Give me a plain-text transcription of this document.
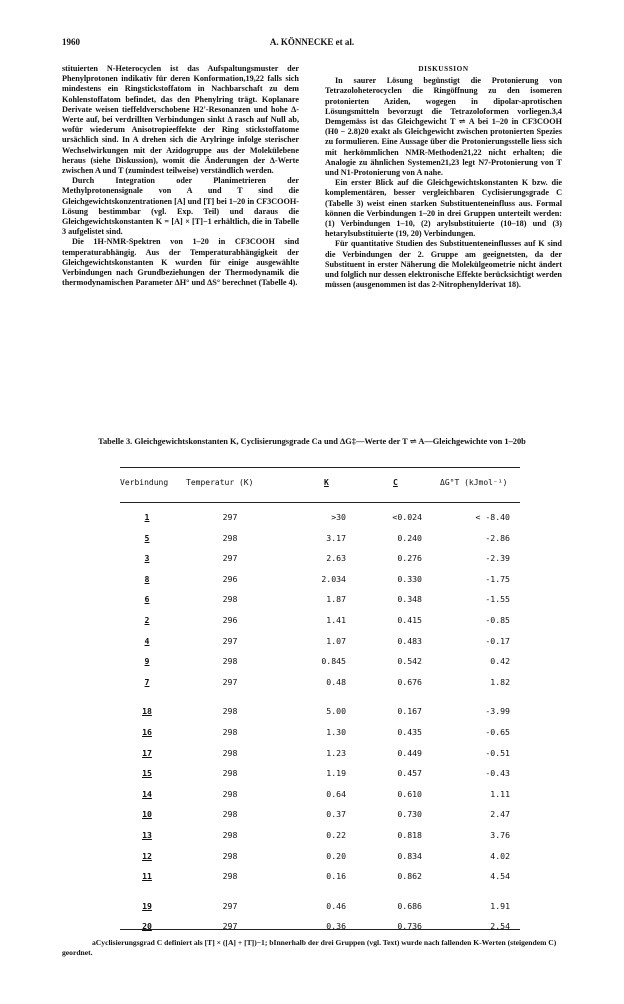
1960	A. KÖNNECKE et al.

stituierten N-Heterocyclen ist das Aufspaltungsmuster der Phenylprotonen indikativ für deren Konformation,19,22 falls sich mindestens ein Ringstickstoffatom in Nachbarschaft zu dem Kohlenstoffatom befindet, das den Phenylring trägt. Koplanare Derivate weisen tieffeldverschobene H2'-Resonanzen und hohe Δ-Werte auf, bei verdrillten Verbindungen sinkt Δ rasch auf Null ab, wofür wiederum Anisotropieeffekte der Ring stickstoffatome ursächlich sind. In A drehen sich die Arylringe infolge sterischer Wechselwirkungen mit der Azidogruppe aus der Molekülebene heraus (siehe Diskussion), womit die Änderungen der Δ-Werte zwischen A und T (zumindest teilweise) verständlich werden.

Durch Integration oder Planimetrieren der Methylprotonensignale von A und T sind die Gleichgewichtskonzentrationen [A] und [T] bei 1–20 in CF3COOH-Lösung bestimmbar (vgl. Exp. Teil) und daraus die Gleichgewichtskonstanten K = [A] × [T]−1 erhältlich, die in Tabelle 3 aufgelistet sind.

Die 1H-NMR-Spektren von 1–20 in CF3COOH sind temperaturabhängig. Aus der Temperaturabhängigkeit der Gleichgewichtskonstanten K wurden für einige ausgewählte Verbindungen nach Grundbeziehungen der Thermodynamik die thermodynamischen Parameter ΔH° und ΔS° berechnet (Tabelle 4).

DISKUSSION

In saurer Lösung begünstigt die Protonierung von Tetrazoloheterocyclen die Ringöffnung zu den isomeren protonierten Aziden, wogegen in dipolar-aprotischen Lösungsmitteln bevorzugt die Tetrazoloformen vorliegen.3,4 Demgemäss ist das Gleichgewicht T ⇌ A bei 1–20 in CF3COOH (H0 − 2.8)20 exakt als Gleichgewicht zwischen protonierten Spezies zu formulieren. Eine Aussage über die Protonierungsstelle liess sich mit herkömmlichen NMR-Methoden21,22 nicht erhalten; die Analogie zu ähnlichen Systemen21,23 legt N7-Protonierung von T und N1-Protonierung von A nahe.

Ein erster Blick auf die Gleichgewichtskonstanten K bzw. die komplementären, besser vergleichbaren Cyclisierungsgrade C (Tabelle 3) weist einen starken Substituenteneinfluss aus. Formal können die Verbindungen 1–20 in drei Gruppen unterteilt werden: (1) Verbindungen 1–10, (2) arylsubstituierte (10–18) und (3) hetarylsubstituierte (19, 20) Verbindungen.

Für quantitative Studien des Substituenteneinflusses auf K sind die Verbindungen der 2. Gruppe am geeignetsten, da der Substituent in erster Näherung die Molekülgeometrie nicht ändert und folglich nur dessen elektronische Effekte berücksichtigt werden müssen (ausgenommen ist das 2-Nitrophenylderivat 18).

Tabelle 3. Gleichgewichtskonstanten K, Cyclisierungsgrade Ca und ΔG‡—Werte der T ⇌ A—Gleichgewichte von 1–20b
Verbindung Temperatur (K)	K	C	ΔG°T (kJmol⁻¹)
1	297	>30	<0.024	< -8.40
5	298	3.17	0.240	-2.86
3	297	2.63	0.276	-2.39
8	296	2.034	0.330	-1.75
6	298	1.87	0.348	-1.55
2	296	1.41	0.415	-0.85
4	297	1.07	0.483	-0.17
9	298	0.845	0.542	0.42
7	297	0.48	0.676	1.82
18	298	5.00	0.167	-3.99
16	298	1.30	0.435	-0.65
17	298	1.23	0.449	-0.51
15	298	1.19	0.457	-0.43
14	298	0.64	0.610	1.11
10	298	0.37	0.730	2.47
13	298	0.22	0.818	3.76
12	298	0.20	0.834	4.02
11	298	0.16	0.862	4.54
19	297	0.46	0.686	1.91
20	297	0.36	0.736	2.54
aCyclisierungsgrad C definiert als [T] × ([A] + [T])−1; bInnerhalb der drei Gruppen (vgl. Text) wurde nach fallenden K-Werten (steigendem C) geordnet.
